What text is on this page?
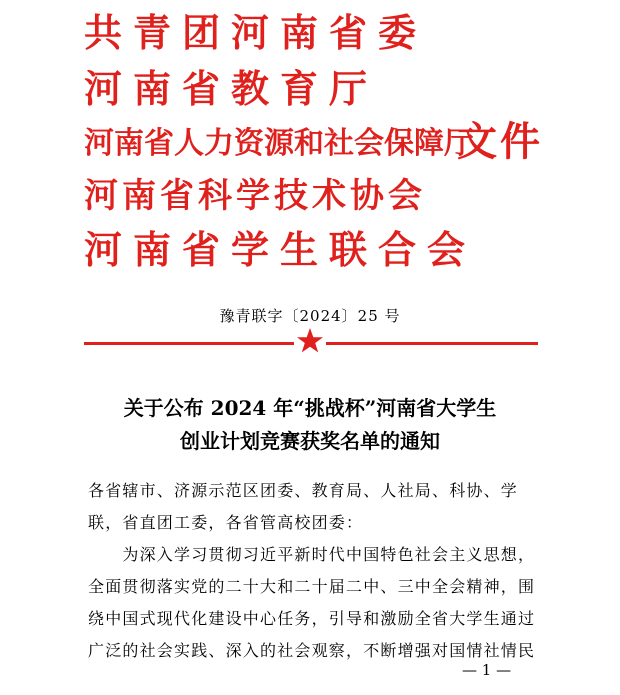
共青团河南省委
河南省教育厅
河南省人力资源和社会保障厅
河南省科学技术协会
河南省学生联合会
文件
豫青联字〔2024〕25 号
关于公布 2024 年“挑战杯”河南省大学生
创业计划竞赛获奖名单的通知
各省辖市、济源示范区团委、教育局、人社局、科协、学
联，省直团工委，各省管高校团委：
　　为深入学习贯彻习近平新时代中国特色社会主义思想，
全面贯彻落实党的二十大和二十届二中、三中全会精神，围
绕中国式现代化建设中心任务，引导和激励全省大学生通过
广泛的社会实践、深入的社会观察，不断增强对国情社情民
— 1 —
